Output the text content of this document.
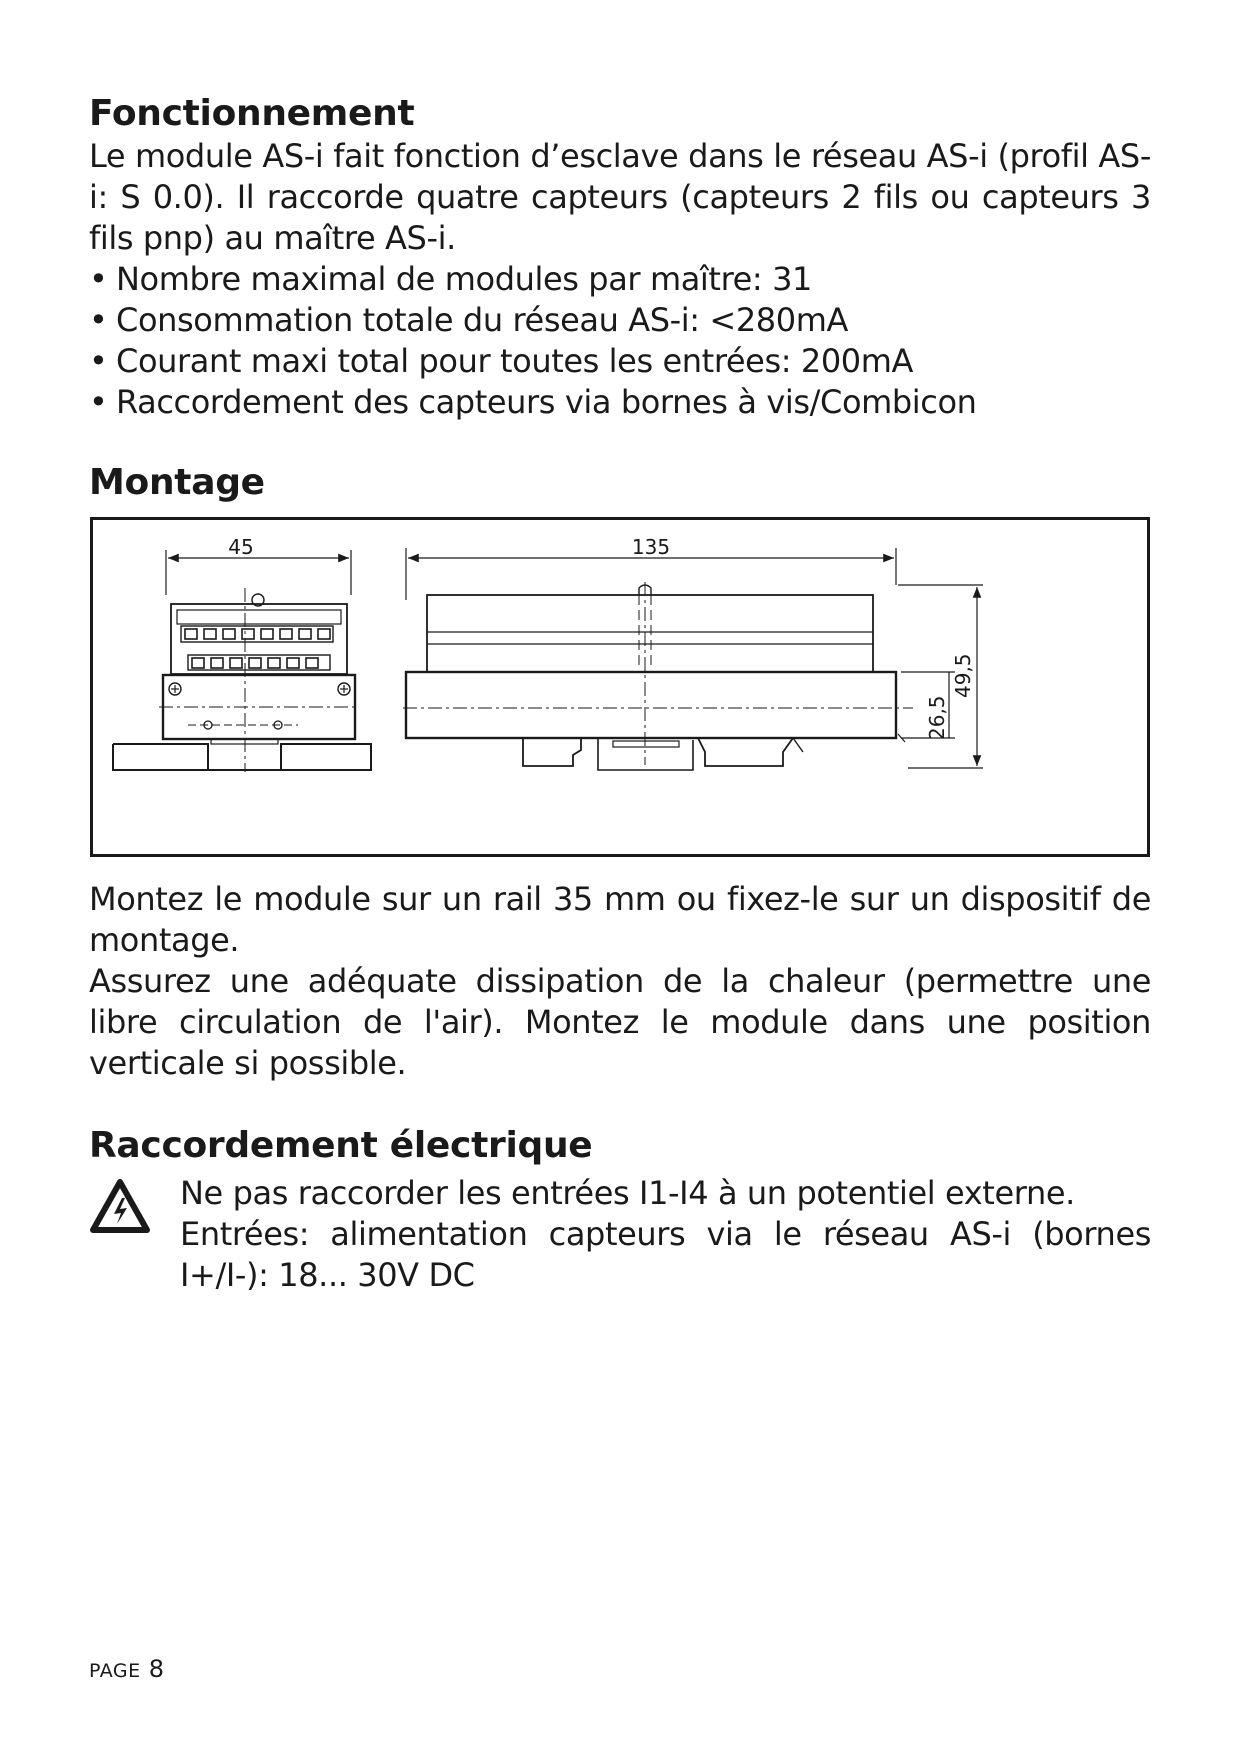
Fonctionnement

Le module AS-i fait fonction d’esclave dans le réseau AS-i (profil AS-i: S 0.0). Il raccorde quatre capteurs (capteurs 2 fils ou capteurs 3 fils pnp) au maître AS-i.

• Nombre maximal de modules par maître: 31
• Consommation totale du réseau AS-i: <280mA
• Courant maxi total pour toutes les entrées: 200mA
• Raccordement des capteurs via bornes à vis/Combicon
Montage
45	135
26,5
49,5

Montez le module sur un rail 35 mm ou fixez-le sur un dispositif de montage.

Assurez une adéquate dissipation de la chaleur (permettre une libre circulation de l'air). Montez le module dans une position verticale si possible.

Raccordement électrique

Ne pas raccorder les entrées I1-I4 à un potentiel externe.

Entrées: alimentation capteurs via le réseau AS-i (bornes I+/I-): 18... 30V DC

PAGE 8
